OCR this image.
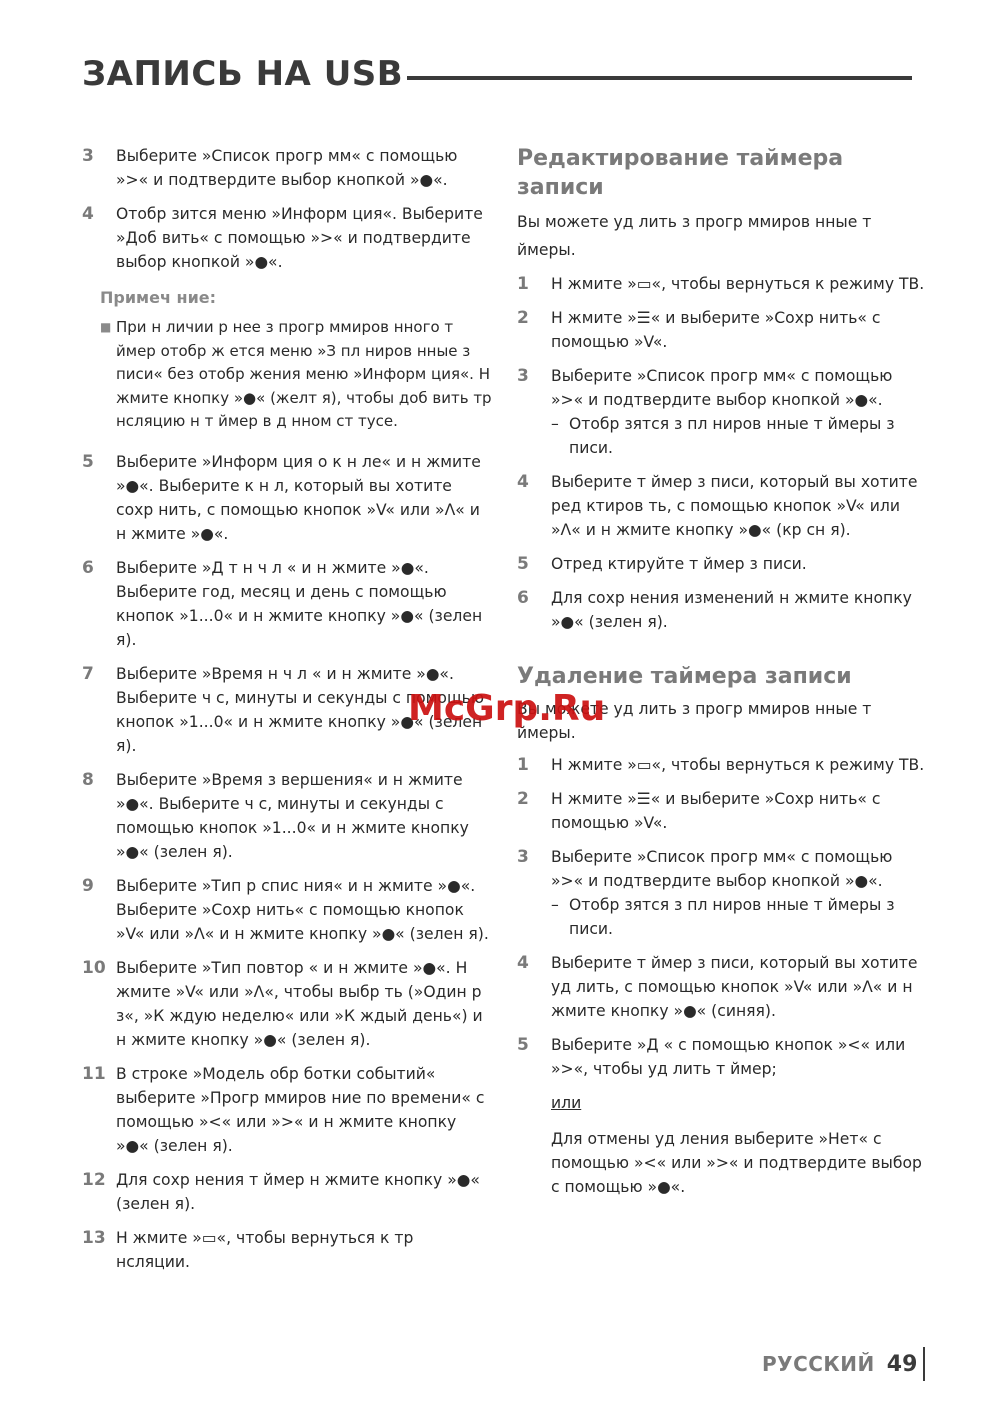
ЗАПИСЬ НА USB
3	Выберите »Список прогр мм« с помощью »>« и подтвердите выбор кнопкой »●«.
4	Отобр зится меню »Информ ция«. Выберите »Доб вить« с помощью »>« и подтвердите выбор кнопкой »●«.
Примеч ние:
■ При н личии р нее з прогр ммиров нного т ймер отобр ж ется меню »З пл ниров нные з писи« без отобр жения меню »Информ ция«. Н жмите кнопку »●« (желт я), чтобы доб вить тр нсляцию н т ймер в д нном ст тусе.
5	Выберите »Информ ция о к н ле« и н жмите »●«. Выберите к н л, который вы хотите сохр нить, с помощью кнопок »V« или »Λ« и н жмите »●«.
6	Выберите »Д т н ч л « и н жмите »●«. Выберите год, месяц и день с помощью кнопок »1...0« и н жмите кнопку »●« (зелен я).
7	Выберите »Время н ч л « и н жмите »●«. Выберите ч с, минуты и секунды с помощью кнопок »1...0« и н жмите кнопку »●« (зелен я).
8	Выберите »Время з вершения« и н жмите »●«. Выберите ч с, минуты и секунды с помощью кнопок »1...0« и н жмите кнопку »●« (зелен я).
9	Выберите »Тип р спис ния« и н жмите »●«. Выберите »Сохр нить« с помощью кнопок »V« или »Λ« и н жмите кнопку »●« (зелен я).
10 Выберите »Тип повтор « и н жмите »●«. Н жмите »V« или »Λ«, чтобы выбр ть (»Один р з«, »К ждую неделю« или »К ждый день«) и н жмите кнопку »●« (зелен я).
11 В строке »Модель обр ботки событий« выберите »Прогр ммиров ние по времени« с помощью »<« или »>« и н жмите кнопку »●« (зелен я).
12 Для сохр нения т ймер н жмите кнопку »●« (зелен я).
13 Н жмите »▭«, чтобы вернуться к тр нсляции.
Редактирование таймера записи
Вы можете уд лить з прогр ммиров нные т ймеры.
1	Н жмите »▭«, чтобы вернуться к режиму ТВ.
2	Н жмите »☰« и выберите »Сохр нить« с помощью »V«.
3	Выберите »Список прогр мм« с помощью »>« и подтвердите выбор кнопкой »●«.
– Отобр зятся з пл ниров нные т ймеры з писи.
4	Выберите т ймер з писи, который вы хотите ред ктиров ть, с помощью кнопок »V« или »Λ« и н жмите кнопку »●« (кр сн я).
5	Отред ктируйте т ймер з писи.
6	Для сохр нения изменений н жмите кнопку »●« (зелен я).
Удаление таймера записи
Вы можете уд лить з прогр ммиров нные т ймеры.
1	Н жмите »▭«, чтобы вернуться к режиму ТВ.
2	Н жмите »☰« и выберите »Сохр нить« с помощью »V«.
3	Выберите »Список прогр мм« с помощью »>« и подтвердите выбор кнопкой »●«.
– Отобр зятся з пл ниров нные т ймеры з писи.
4	Выберите т ймер з писи, который вы хотите уд лить, с помощью кнопок »V« или »Λ« и н жмите кнопку »●« (синяя).
5	Выберите »Д « с помощью кнопок »<« или »>«, чтобы уд лить т ймер;
или
Для отмены уд ления выберите »Нет« с помощью »<« или »>« и подтвердите выбор с помощью »●«.
McGrp.Ru
РУССКИЙ 49
